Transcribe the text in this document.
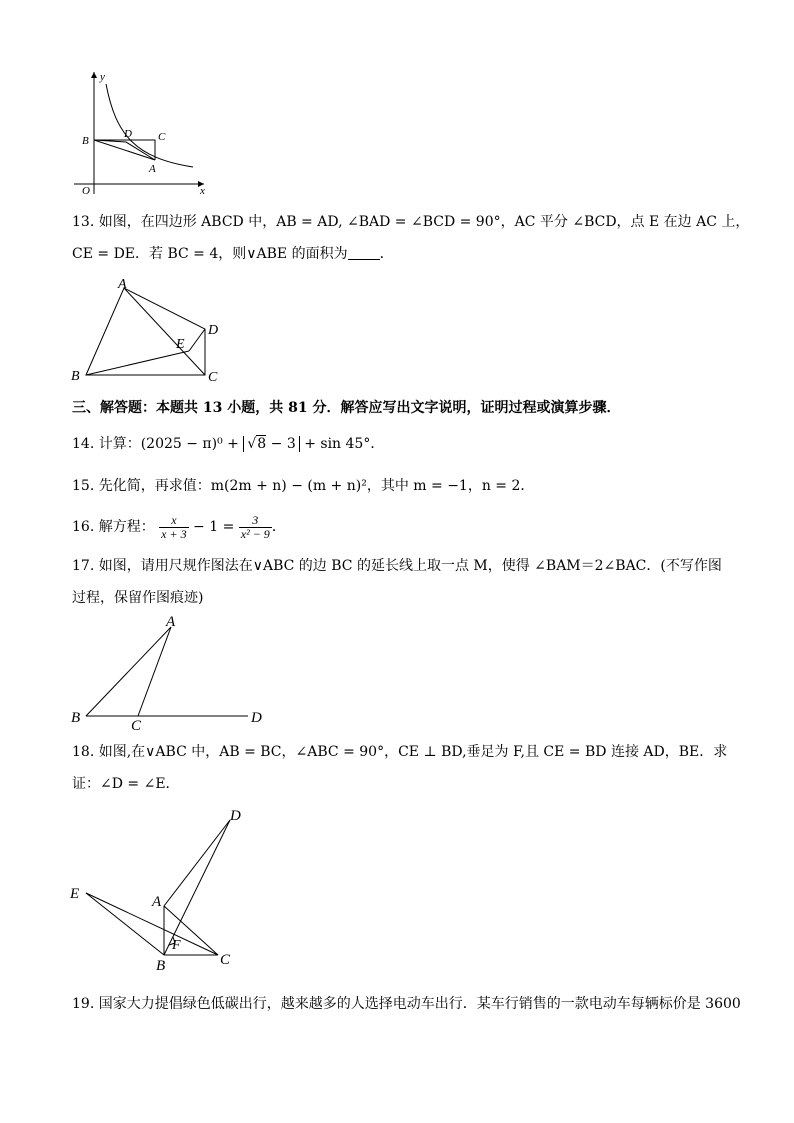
y
x
O
B
D C
A
13. 如图，在四边形 ABCD 中，AB = AD, ∠BAD = ∠BCD = 90°，AC 平分 ∠BCD，点 E 在边 AC 上，
CE = DE．若 BC = 4，则∨ABE 的面积为 ．
A
B	C
D
E
三、解答题：本题共 13 小题，共 81 分．解答应写出文字说明，证明过程或演算步骤．
14. 计算：(2025 − π)⁰ + √8 − 3 + sin 45°．
15. 先化简，再求值：m(2m + n) − (m + n)²，其中 m = −1，n = 2．
16. 解方程： $\frac{x}{x + 3} - 1 = \frac{3}{\text{x² − 9}}$ ．
17. 如图，请用尺规作图法在∨ABC 的边 BC 的延长线上取一点 M，使得 ∠BAM＝2∠BAC．(不写作图
过程，保留作图痕迹)
A
B	C	D
18. 如图,在∨ABC 中，AB = BC，∠ABC = 90°，CE ⊥ BD,垂足为 F,且 CE = BD 连接 AD，BE．求
证：∠D = ∠E．
D
E	A
F
B	C
19. 国家大力提倡绿色低碳出行，越来越多的人选择电动车出行．某车行销售的一款电动车每辆标价是 3600
